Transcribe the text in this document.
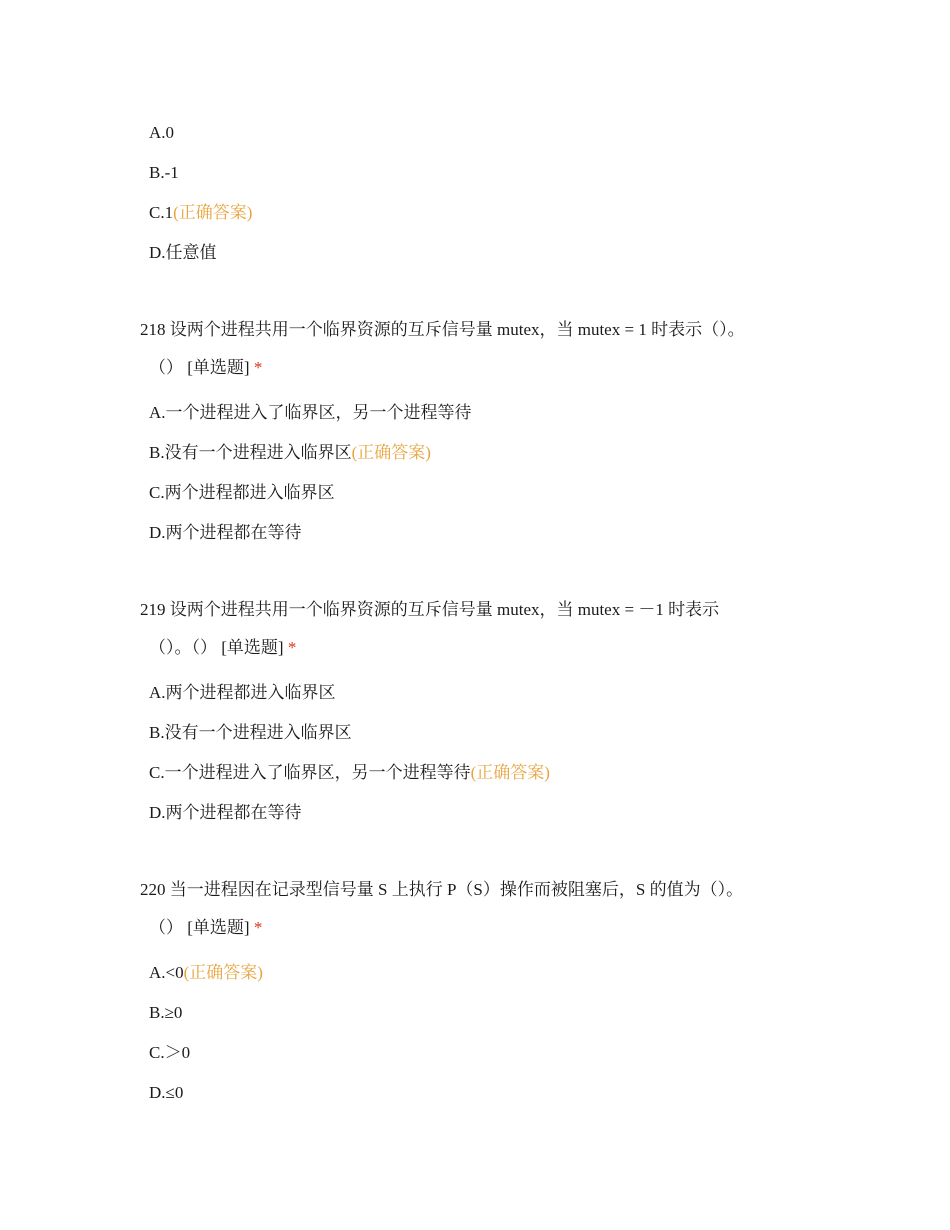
A.0
B.-1
C.1(正确答案)
D.任意值
218 设两个进程共用一个临界资源的互斥信号量 mutex，当 mutex = 1 时表示（）。
（） [单选题] *
A.一个进程进入了临界区，另一个进程等待
B.没有一个进程进入临界区(正确答案)
C.两个进程都进入临界区
D.两个进程都在等待
219 设两个进程共用一个临界资源的互斥信号量 mutex，当 mutex = －1 时表示
（）。（） [单选题] *
A.两个进程都进入临界区
B.没有一个进程进入临界区
C.一个进程进入了临界区，另一个进程等待(正确答案)
D.两个进程都在等待
220 当一进程因在记录型信号量 S 上执行 P（S）操作而被阻塞后，S 的值为（）。
（） [单选题] *
A.<0(正确答案)
B.≥0
C.＞0
D.≤0
